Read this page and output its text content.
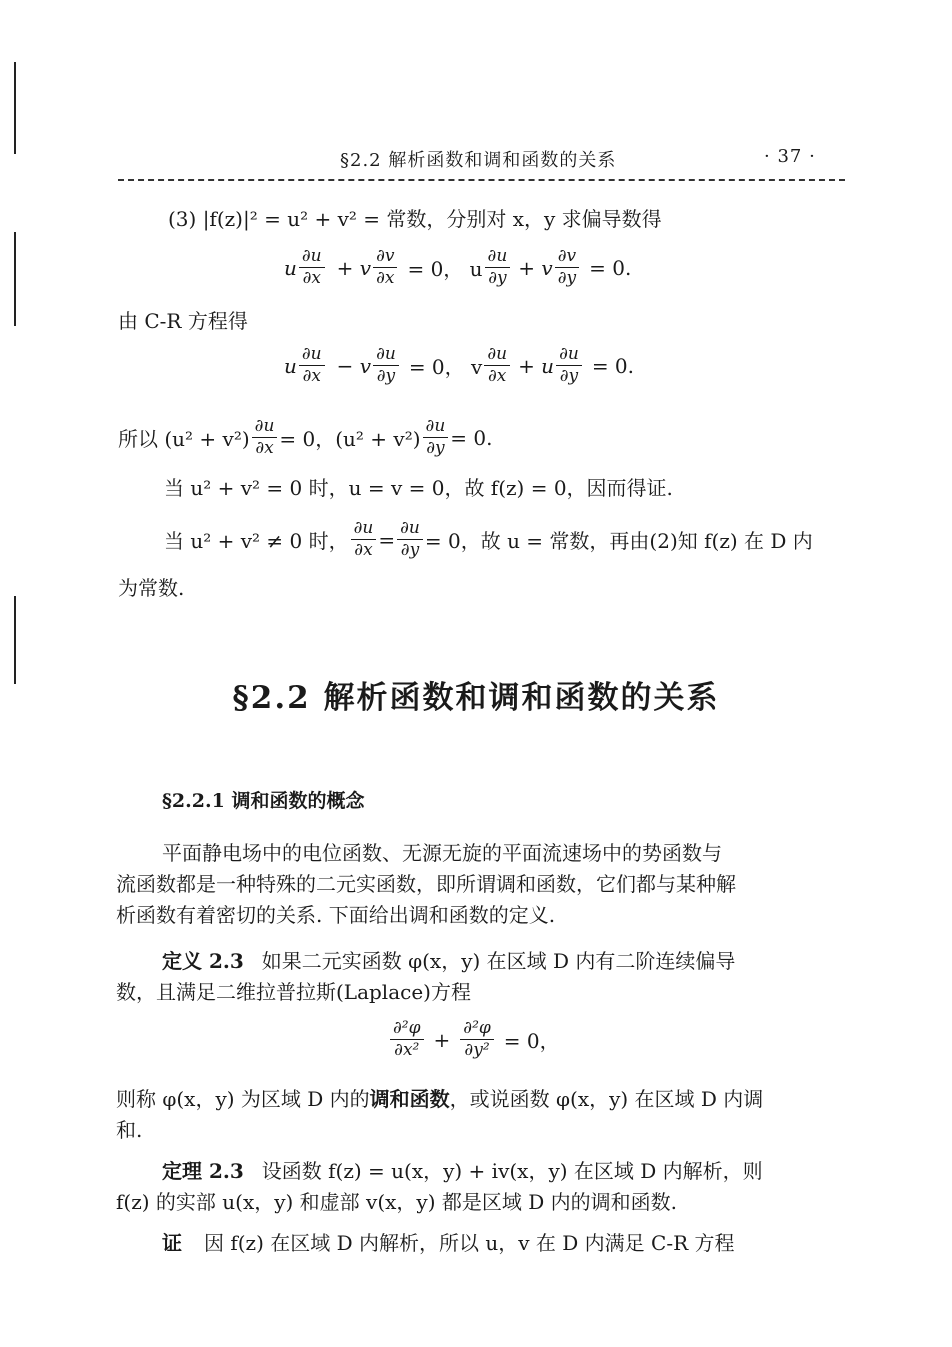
§2.2 解析函数和调和函数的关系	· 37 ·
(3) |f(z)|² = u² + v² = 常数，分别对 x，y 求偏导数得
u $\frac{\partial u}{\partial x} + v \frac{\partial v}{\partial x} = 0$， u $\frac{\partial u}{\partial y} + v \frac{\partial v}{\partial y} = 0$.
由 C-R 方程得
u $\frac{\partial u}{\partial x} - v \frac{\partial u}{\partial y} = 0$， v $\frac{\partial u}{\partial x} + u \frac{\partial u}{\partial y} = 0$.
所以 $(u^2 + v^2) \frac{\partial u}{\partial x} = 0$，$(u^2 + v^2) \frac{\partial u}{\partial y} = 0$.
当 u² + v² = 0 时，u = v = 0，故 f(z) = 0，因而得证.
当 u² + v² ≠ 0 时， $\frac{\partial u}{\partial x} = \frac{\partial u}{\partial y} = 0$，故 u = 常数，再由(2)知 f(z) 在 D 内
为常数.
§2.2 解析函数和调和函数的关系
§2.2.1 调和函数的概念
平面静电场中的电位函数、无源无旋的平面流速场中的势函数与
流函数都是一种特殊的二元实函数，即所谓调和函数，它们都与某种解
析函数有着密切的关系. 下面给出调和函数的定义.
定义 2.3 如果二元实函数 φ(x，y) 在区域 D 内有二阶连续偏导
数，且满足二维拉普拉斯(Laplace)方程
$\frac{\text{∂²φ}}{\text{∂x²}} + \frac{\text{∂²φ}}{\text{∂y²}} = 0$，
则称 φ(x，y) 为区域 D 内的调和函数，或说函数 φ(x，y) 在区域 D 内调
和.
定理 2.3 设函数 f(z) = u(x，y) + iv(x，y) 在区域 D 内解析，则
f(z) 的实部 u(x，y) 和虚部 v(x，y) 都是区域 D 内的调和函数.
证 因 f(z) 在区域 D 内解析，所以 u，v 在 D 内满足 C-R 方程
